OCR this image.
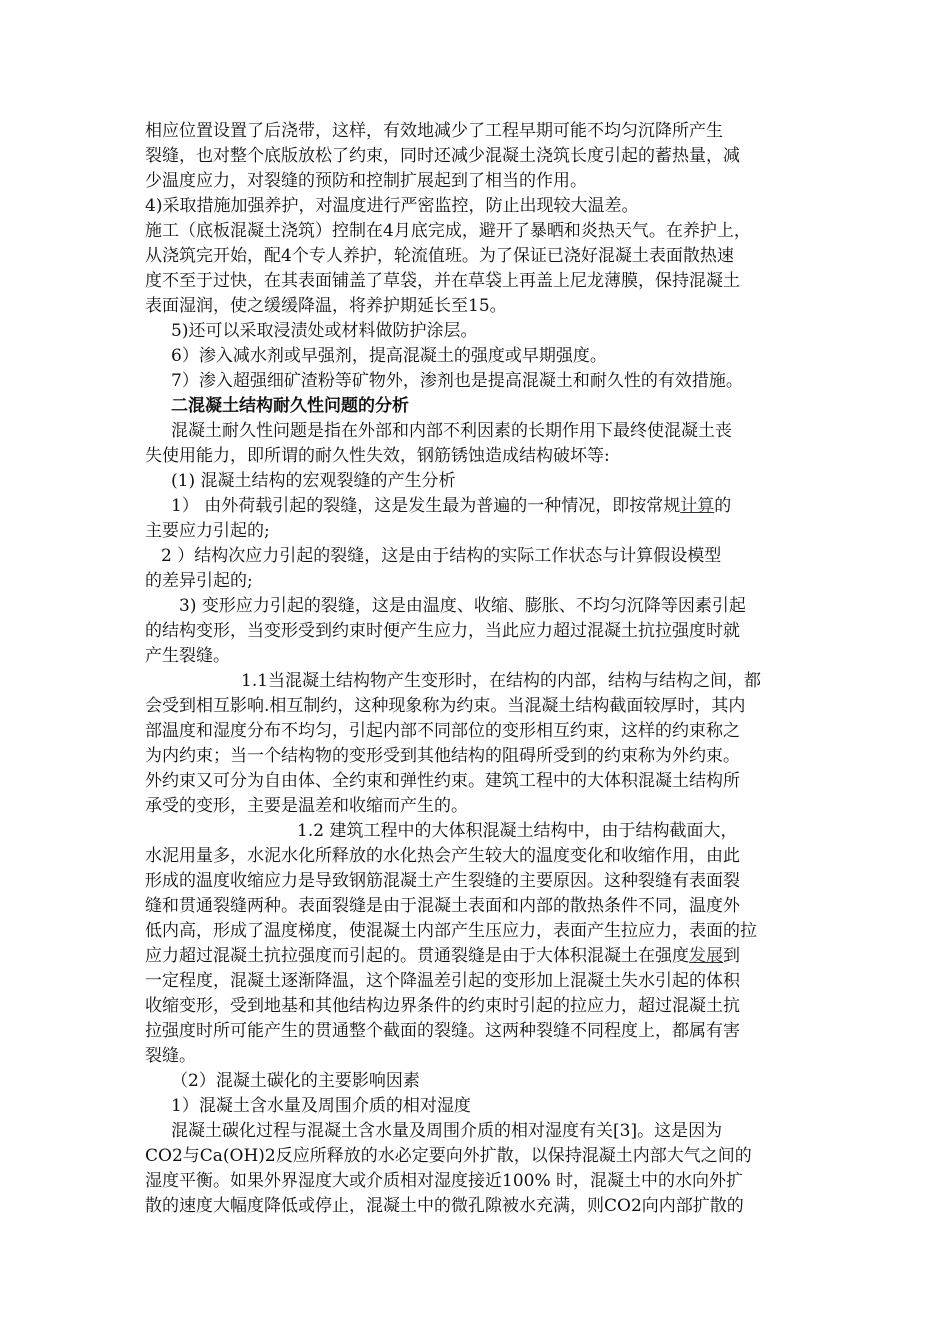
相应位置设置了后浇带，这样，有效地减少了工程早期可能不均匀沉降所产生
裂缝，也对整个底版放松了约束，同时还减少混凝土浇筑长度引起的蓄热量，减
少温度应力，对裂缝的预防和控制扩展起到了相当的作用。
4)采取措施加强养护，对温度进行严密监控，防止出现较大温差。
施工（底板混凝土浇筑）控制在4月底完成，避开了暴晒和炎热天气。在养护上，
从浇筑完开始，配4个专人养护，轮流值班。为了保证已浇好混凝土表面散热速
度不至于过快，在其表面铺盖了草袋，并在草袋上再盖上尼龙薄膜，保持混凝土
表面湿润，使之缓缓降温，将养护期延长至15。
5)还可以采取浸渍处或材料做防护涂层。
6）渗入减水剂或早强剂，提高混凝土的强度或早期强度。
7）渗入超强细矿渣粉等矿物外，渗剂也是提高混凝土和耐久性的有效措施。
二混凝土结构耐久性问题的分析
混凝土耐久性问题是指在外部和内部不利因素的长期作用下最终使混凝土丧
失使用能力，即所谓的耐久性失效，钢筋锈蚀造成结构破坏等:
(1) 混凝土结构的宏观裂缝的产生分析
1） 由外荷载引起的裂缝，这是发生最为普遍的一种情况，即按常规计算的
主要应力引起的;
2 ）结构次应力引起的裂缝，这是由于结构的实际工作状态与计算假设模型
的差异引起的;
3) 变形应力引起的裂缝，这是由温度、收缩、膨胀、不均匀沉降等因素引起
的结构变形，当变形受到约束时便产生应力，当此应力超过混凝土抗拉强度时就
产生裂缝。
1.1当混凝土结构物产生变形时，在结构的内部，结构与结构之间，都
会受到相互影响.相互制约，这种现象称为约束。当混凝土结构截面较厚时，其内
部温度和湿度分布不均匀，引起内部不同部位的变形相互约束，这样的约束称之
为内约束；当一个结构物的变形受到其他结构的阻碍所受到的约束称为外约束。
外约束又可分为自由体、全约束和弹性约束。建筑工程中的大体积混凝土结构所
承受的变形，主要是温差和收缩而产生的。
1.2 建筑工程中的大体积混凝土结构中，由于结构截面大，
水泥用量多，水泥水化所释放的水化热会产生较大的温度变化和收缩作用，由此
形成的温度收缩应力是导致钢筋混凝土产生裂缝的主要原因。这种裂缝有表面裂
缝和贯通裂缝两种。表面裂缝是由于混凝土表面和内部的散热条件不同，温度外
低内高，形成了温度梯度，使混凝土内部产生压应力，表面产生拉应力，表面的拉
应力超过混凝土抗拉强度而引起的。贯通裂缝是由于大体积混凝土在强度发展到
一定程度，混凝土逐渐降温，这个降温差引起的变形加上混凝土失水引起的体积
收缩变形，受到地基和其他结构边界条件的约束时引起的拉应力，超过混凝土抗
拉强度时所可能产生的贯通整个截面的裂缝。这两种裂缝不同程度上，都属有害
裂缝。
（2）混凝土碳化的主要影响因素
1）混凝土含水量及周围介质的相对湿度
混凝土碳化过程与混凝土含水量及周围介质的相对湿度有关[3]。这是因为
CO2与Ca(OH)2反应所释放的水必定要向外扩散，以保持混凝土内部大气之间的
湿度平衡。如果外界湿度大或介质相对湿度接近100% 时，混凝土中的水向外扩
散的速度大幅度降低或停止，混凝土中的微孔隙被水充满，则CO2向内部扩散的
